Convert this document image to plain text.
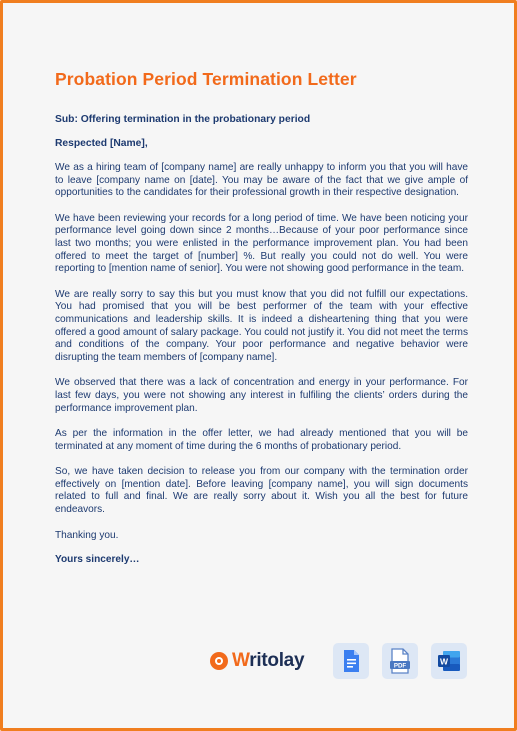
Probation Period Termination Letter

Sub: Offering termination in the probationary period

Respected [Name],

We as a hiring team of [company name] are really unhappy to inform you that you will have to leave [company name on [date]. You may be aware of the fact that we give ample of opportunities to the candidates for their professional growth in their respective designation.

We have been reviewing your records for a long period of time. We have been noticing your performance level going down since 2 months…Because of your poor performance since last two months; you were enlisted in the performance improvement plan. You had been offered to meet the target of [number] %. But really you could not do well. You were reporting to [mention name of senior]. You were not showing good performance in the team.

We are really sorry to say this but you must know that you did not fulfill our expectations. You had promised that you will be best performer of the team with your effective communications and leadership skills. It is indeed a disheartening thing that you were offered a good amount of salary package. You could not justify it. You did not meet the terms and conditions of the company. Your poor performance and negative behavior were disrupting the team members of [company name].

We observed that there was a lack of concentration and energy in your performance. For last few days, you were not showing any interest in fulfiling the clients’ orders during the performance improvement plan.

As per the information in the offer letter, we had already mentioned that you will be terminated at any moment of time during the 6 months of probationary period.

So, we have taken decision to release you from our company with the termination order effectively on [mention date]. Before leaving [company name], you will sign documents related to full and final. We are really sorry about it. Wish you all the best for future endeavors.

Thanking you.

Yours sincerely…

Writolay	PDF	W
